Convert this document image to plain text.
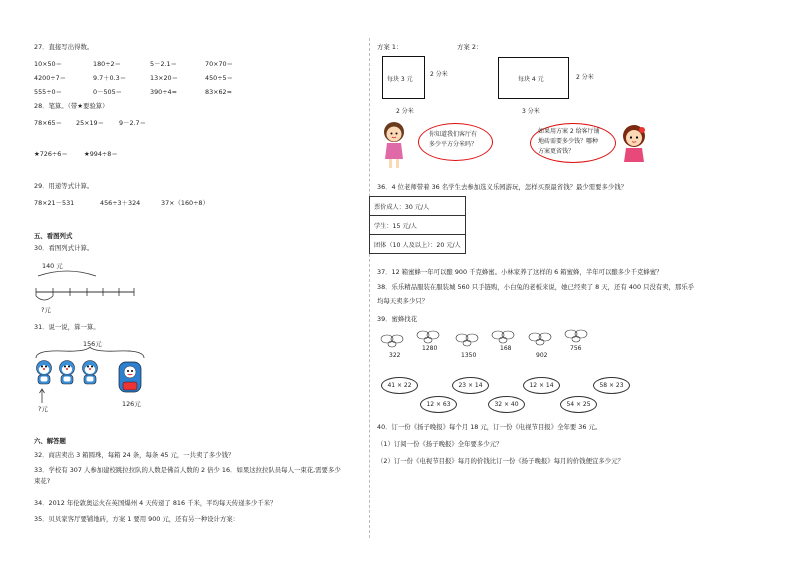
27．直接写出得数。
10×50＝	180÷2＝	5－2.1＝	70×70＝
4200÷7＝	9.7＋0.3＝	13×20＝	450÷5＝
555÷0＝	0－505＝	390÷4≈	83×62≈
28．笔算。（带★要验算）
78×65＝ 25×19＝ 9－2.7＝
★726÷6＝	★994÷8＝
29．用递等式计算。
78×21－531	456÷3＋324	37×（160÷8）
五、看图列式
30．看图列式计算。
140 元
?元
31．说一说，算一算。
156元
?元
126元
六、解答题
32．商店卖出 3 箱圆珠，每箱 24 条，每条 45 元，一共卖了多少钱？
33．学校有 307 人参加建校跳拉拉队的人数是佛首人数的 2 倍少 16．如果这拉拉队员每人一束花,需要多少
束花?
34．2012 年伦敦奥运火在英国爆州 4 天传递了 816 千米，平均每天传递多少千米？
35．贝贝家客厅要铺地砖，方案 1 要用 900 元，还有另一种设计方案：
方案 1：	方案 2：
每块 3 元
2 分米
2 分米
每块 4 元	2 分米
3 分米
你知道我们客厅有
多少平方分米吗？
如果用方案 2 给客厅铺
地砖需要多少钱？哪种
方案更省钱？
36．4 位老师带着 36 名学生去参加选义乐园游玩，怎样买票最省钱？最少需要多少钱？
票价成人：30 元/人
学生：15 元/人
团体（10 人及以上）：20 元/人
37．12 箱蜜蜂一年可以酿 900 千克蜂蜜。小林家养了这样的 6 箱蜜蜂，半年可以酿多少千克蜂蜜？
38．乐乐精品服装在服装城 560 只手链购，小白兔的老板来说，她已经卖了 8 天，还有 400 只没有卖，那乐乎
均每天卖多少只？
39．蜜蜂找花
322
1280
1350
168
902
756
41 × 22	23 × 14	12 × 14	58 × 23
12 × 63	32 × 40	54 × 25
40．订一份《扬子晚报》每个月 18 元，订一份《电视节目报》全年要 36 元。
（1）订阅一份《扬子晚报》全年要多少元？
（2）订一份《电视节目报》每月的价钱比订一份《扬子晚报》每月的价钱便宜多少元？
